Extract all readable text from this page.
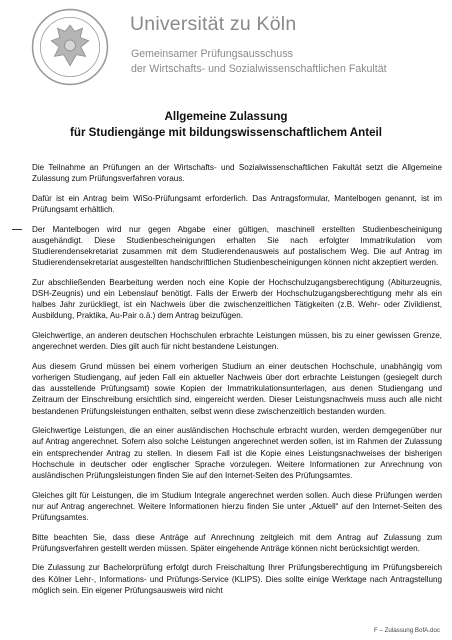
Universität zu Köln
Gemeinsamer Prüfungsausschuss
der Wirtschafts- und Sozialwissenschaftlichen Fakultät
Allgemeine Zulassung
für Studiengänge mit bildungswissenschaftlichem Anteil

Die Teilnahme an Prüfungen an der Wirtschafts- und Sozialwissenschaftlichen Fakultät setzt die Allgemeine Zulassung zum Prüfungsverfahren voraus.

Dafür ist ein Antrag beim WiSo-Prüfungsamt erforderlich. Das Antragsformular, Mantelbogen genannt, ist im Prüfungsamt erhältlich.

Der Mantelbogen wird nur gegen Abgabe einer gültigen, maschinell erstellten Studienbescheinigung ausgehändigt. Diese Studienbescheinigungen erhalten Sie nach erfolgter Immatrikulation vom Studierendensekretariat zusammen mit dem Studierendenausweis auf postalischem Weg. Die auf Antrag im Studierendensekretariat ausgestellten handschriftlichen Studienbescheinigungen können nicht akzeptiert werden.

Zur abschließenden Bearbeitung werden noch eine Kopie der Hochschulzugangsberechtigung (Abiturzeugnis, DSH-Zeugnis) und ein Lebenslauf benötigt. Falls der Erwerb der Hochschulzugangsberechtigung mehr als ein halbes Jahr zurückliegt, ist ein Nachweis über die zwischenzeitlichen Tätigkeiten (z.B. Wehr- oder Zivildienst, Ausbildung, Praktika, Au-Pair o.ä.) dem Antrag beizufügen.

Gleichwertige, an anderen deutschen Hochschulen erbrachte Leistungen müssen, bis zu einer gewissen Grenze, angerechnet werden. Dies gilt auch für nicht bestandene Leistungen.

Aus diesem Grund müssen bei einem vorherigen Studium an einer deutschen Hochschule, unabhängig vom vorherigen Studiengang, auf jeden Fall ein aktueller Nachweis über dort erbrachte Leistungen (gesiegelt durch das ausstellende Prüfungsamt) sowie Kopien der Immatrikulationsunterlagen, aus denen Studiengang und Zeitraum der Einschreibung ersichtlich sind, eingereicht werden. Dieser Leistungsnachweis muss auch alle nicht bestandenen Prüfungsleistungen enthalten, selbst wenn diese zwischenzeitlich bestanden wurden.

Gleichwertige Leistungen, die an einer ausländischen Hochschule erbracht wurden, werden demgegenüber nur auf Antrag angerechnet. Sofern also solche Leistungen angerechnet werden sollen, ist im Rahmen der Zulassung ein entsprechender Antrag zu stellen. In diesem Fall ist die Kopie eines Leistungsnachweises der bisherigen Hochschule in deutscher oder englischer Sprache vorzulegen. Weitere Informationen zur Anrechnung von ausländischen Prüfungsleistungen finden Sie auf den Internet-Seiten des Prüfungsamtes.

Gleiches gilt für Leistungen, die im Studium Integrale angerechnet werden sollen. Auch diese Prüfungen werden nur auf Antrag angerechnet. Weitere Informationen hierzu finden Sie unter „Aktuell“ auf den Internet-Seiten des Prüfungsamtes.

Bitte beachten Sie, dass diese Anträge auf Anrechnung zeitgleich mit dem Antrag auf Zulassung zum Prüfungsverfahren gestellt werden müssen. Später eingehende Anträge können nicht berücksichtigt werden.

Die Zulassung zur Bachelorprüfung erfolgt durch Freischaltung Ihrer Prüfungsberechtigung im Prüfungsbereich des Kölner Lehr-, Informations- und Prüfungs-Service (KLIPS). Dies sollte einige Werktage nach Antragstellung möglich sein. Ein eigener Prüfungsausweis wird nicht

F – Zulassung BofA.doc
